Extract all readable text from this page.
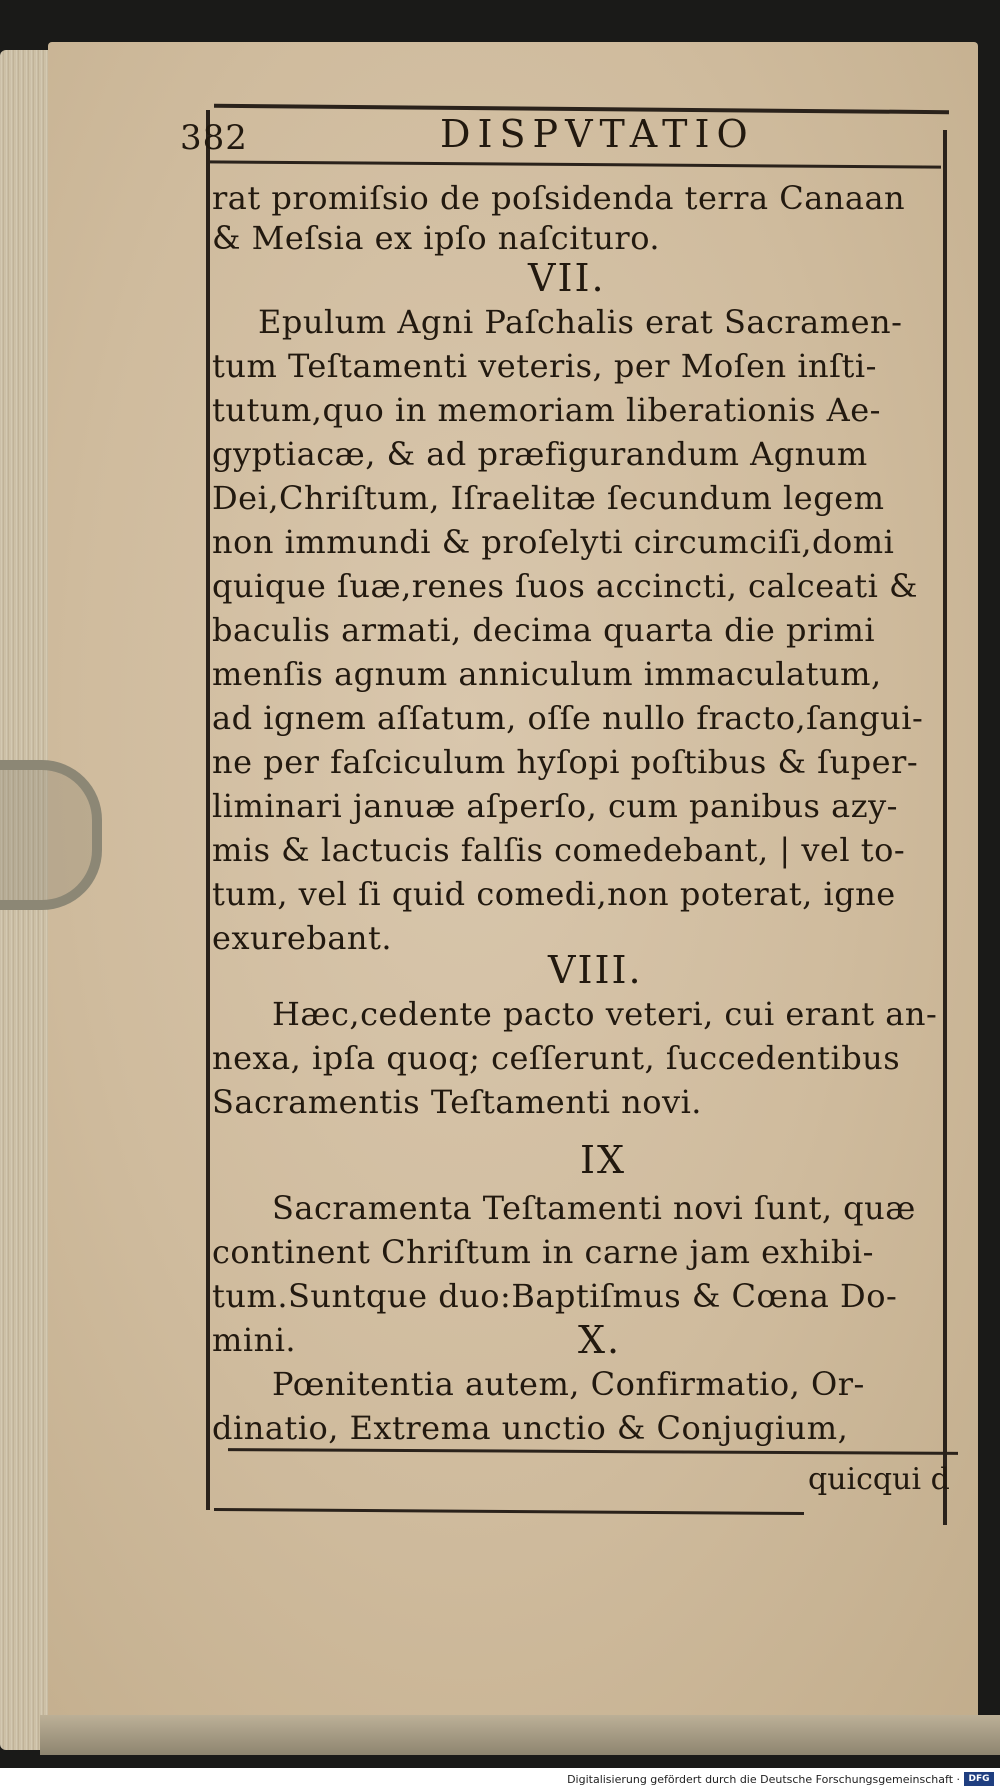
382	DISPVTATIO
rat promiſsio de poſsidenda terra Canaan
& Meſsia ex ipſo naſcituro.
VII.
Epulum Agni Paſchalis erat Sacramen-
tum Teſtamenti veteris, per Moſen inſti-
tutum,quo in memoriam liberationis Ae-
gyptiacæ, & ad præfigurandum Agnum
Dei,Chriſtum, Iſraelitæ ſecundum legem
non immundi & proſelyti circumciſi,domi
quique ſuæ,renes ſuos accincti, calceati &
baculis armati, decima quarta die primi
menſis agnum anniculum immaculatum,
ad ignem aſſatum, oſſe nullo fracto,ſangui-
ne per faſciculum hyſopi poſtibus & ſuper-
liminari januæ aſperſo, cum panibus azy-
mis & lactucis falſis comedebant, | vel to-
tum, vel ſi quid comedi,non poterat, igne
exurebant.
VIII.
Hæc,cedente pacto veteri, cui erant an-
nexa, ipſa quoq; ceſſerunt, ſuccedentibus
Sacramentis Teſtamenti novi.
IX
Sacramenta Teſtamenti novi ſunt, quæ
continent Chriſtum in carne jam exhibi-
tum.Suntque duo:Baptiſmus & Cœna Do-
mini.	X.
Pœnitentia autem, Confirmatio, Or-
dinatio, Extrema unctio & Conjugium,
quicqui d
Digitalisierung gefördert durch die Deutsche Forschungsgemeinschaft · DFG
